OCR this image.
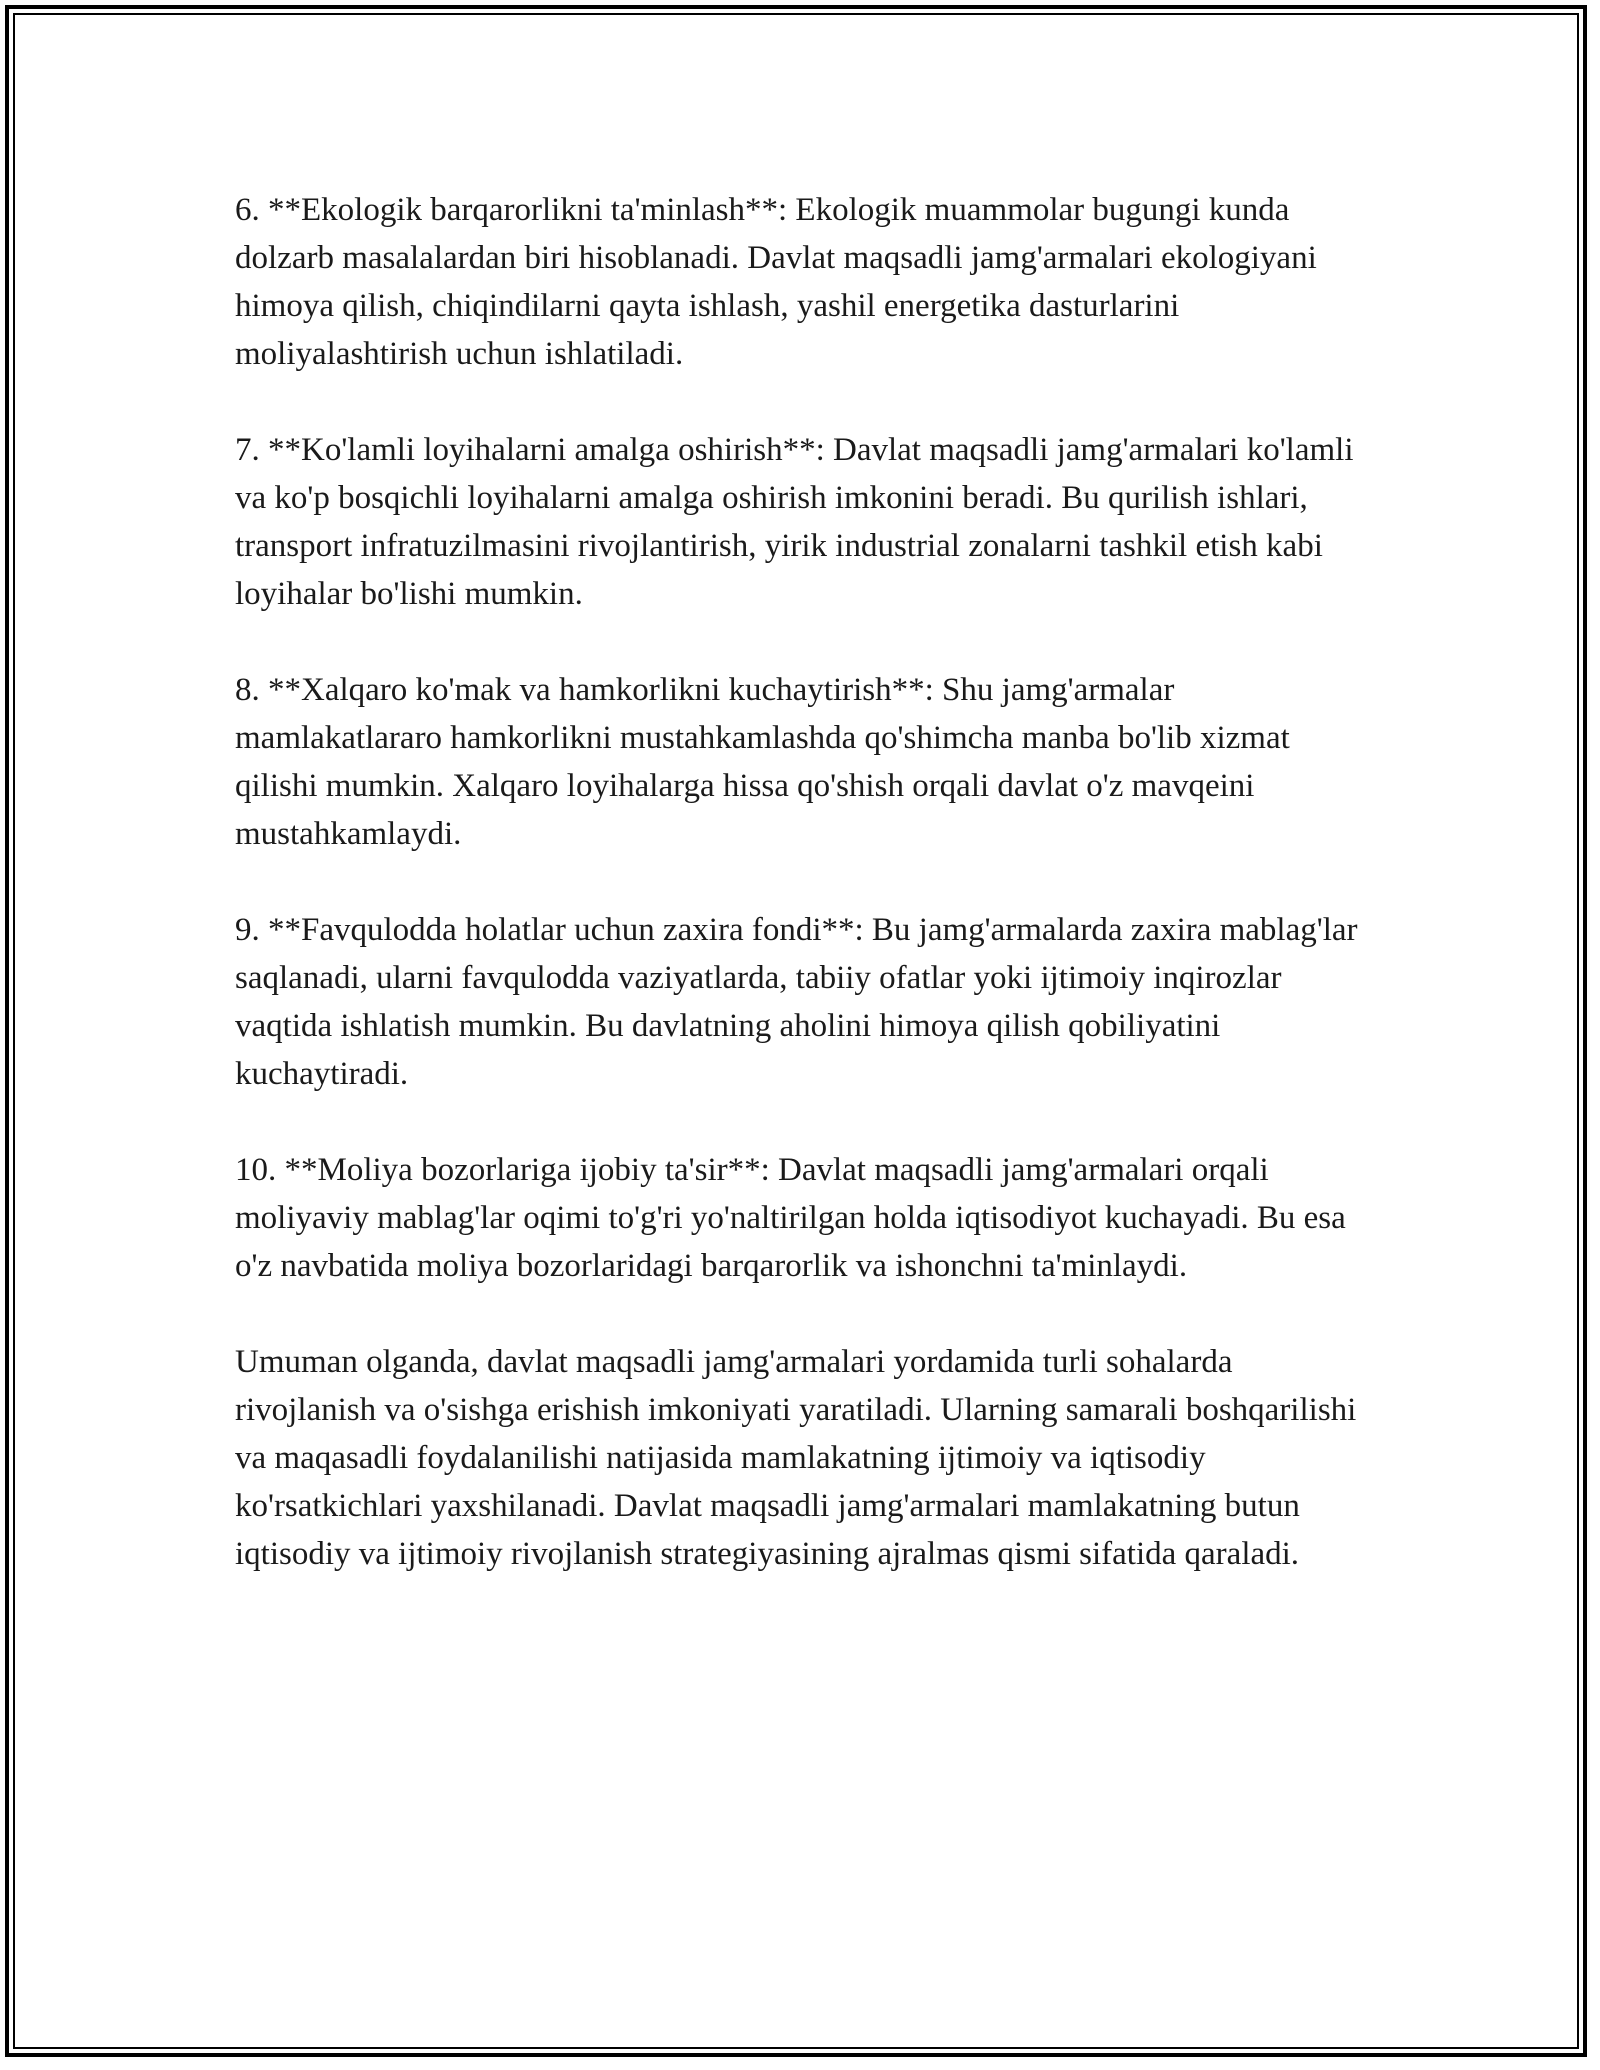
6. **Ekologik barqarorlikni ta'minlash**: Ekologik muammolar bugungi kunda dolzarb masalalardan biri hisoblanadi. Davlat maqsadli jamg'armalari ekologiyani himoya qilish, chiqindilarni qayta ishlash, yashil energetika dasturlarini moliyalashtirish uchun ishlatiladi.

7. **Ko'lamli loyihalarni amalga oshirish**: Davlat maqsadli jamg'armalari ko'lamli va ko'p bosqichli loyihalarni amalga oshirish imkonini beradi. Bu qurilish ishlari, transport infratuzilmasini rivojlantirish, yirik industrial zonalarni tashkil etish kabi loyihalar bo'lishi mumkin.

8. **Xalqaro ko'mak va hamkorlikni kuchaytirish**: Shu jamg'armalar mamlakatlararo hamkorlikni mustahkamlashda qo'shimcha manba bo'lib xizmat qilishi mumkin. Xalqaro loyihalarga hissa qo'shish orqali davlat o'z mavqeini mustahkamlaydi.

9. **Favqulodda holatlar uchun zaxira fondi**: Bu jamg'armalarda zaxira mablag'lar saqlanadi, ularni favqulodda vaziyatlarda, tabiiy ofatlar yoki ijtimoiy inqirozlar vaqtida ishlatish mumkin. Bu davlatning aholini himoya qilish qobiliyatini kuchaytiradi.

10. **Moliya bozorlariga ijobiy ta'sir**: Davlat maqsadli jamg'armalari orqali moliyaviy mablag'lar oqimi to'g'ri yo'naltirilgan holda iqtisodiyot kuchayadi. Bu esa o'z navbatida moliya bozorlaridagi barqarorlik va ishonchni ta'minlaydi.

Umuman olganda, davlat maqsadli jamg'armalari yordamida turli sohalarda rivojlanish va o'sishga erishish imkoniyati yaratiladi. Ularning samarali boshqarilishi va maqasadli foydalanilishi natijasida mamlakatning ijtimoiy va iqtisodiy ko'rsatkichlari yaxshilanadi. Davlat maqsadli jamg'armalari mamlakatning butun iqtisodiy va ijtimoiy rivojlanish strategiyasining ajralmas qismi sifatida qaraladi.
